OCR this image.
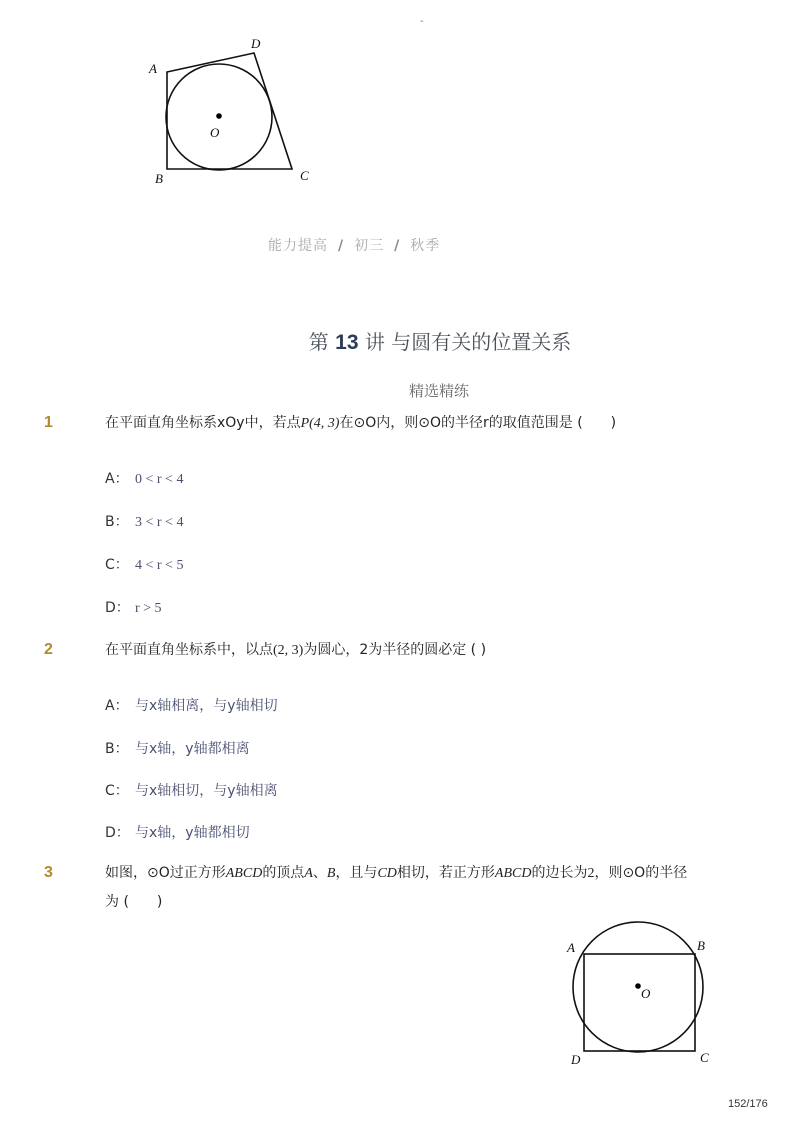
-
A
D
O
B	C
能力提高 / 初三 / 秋季
第 13 讲 与圆有关的位置关系
精选精练
1	在平面直角坐标系xOy中，若点P(4, 3)在⊙O内，则⊙O的半径r的取值范围是 (　　)
A： 0 < r < 4
B： 3 < r < 4
C： 4 < r < 5
D： r > 5
2	在平面直角坐标系中，以点(2, 3)为圆心，2为半径的圆必定 ( )
A： 与x轴相离，与y轴相切
B： 与x轴，y轴都相离
C： 与x轴相切，与y轴相离
D： 与x轴，y轴都相切
3	如图，⊙O过正方形ABCD的顶点A、B，且与CD相切，若正方形ABCD的边长为2，则⊙O的半径
为 (　　)
A	B
O
D	C
152/176
